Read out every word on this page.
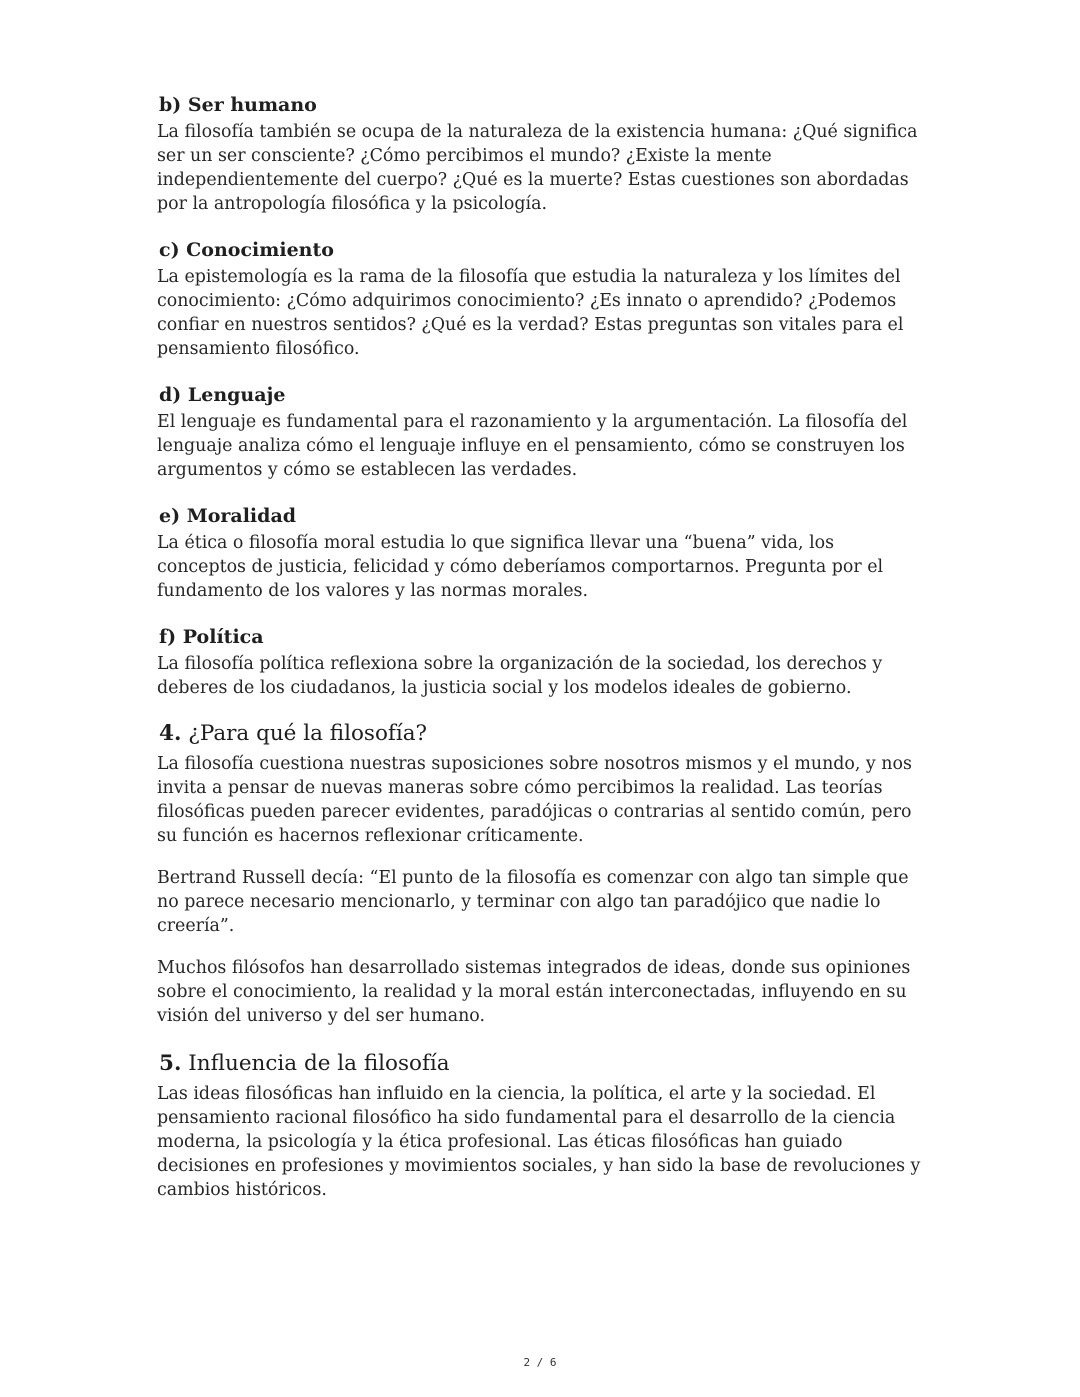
b) Ser humano

La filosofía también se ocupa de la naturaleza de la existencia humana: ¿Qué significa ser un ser consciente? ¿Cómo percibimos el mundo? ¿Existe la mente independientemente del cuerpo? ¿Qué es la muerte? Estas cuestiones son abordadas por la antropología filosófica y la psicología.

c) Conocimiento

La epistemología es la rama de la filosofía que estudia la naturaleza y los límites del conocimiento: ¿Cómo adquirimos conocimiento? ¿Es innato o aprendido? ¿Podemos confiar en nuestros sentidos? ¿Qué es la verdad? Estas preguntas son vitales para el pensamiento filosófico.

d) Lenguaje

El lenguaje es fundamental para el razonamiento y la argumentación. La filosofía del lenguaje analiza cómo el lenguaje influye en el pensamiento, cómo se construyen los argumentos y cómo se establecen las verdades.

e) Moralidad

La ética o filosofía moral estudia lo que significa llevar una “buena” vida, los conceptos de justicia, felicidad y cómo deberíamos comportarnos. Pregunta por el fundamento de los valores y las normas morales.

f) Política

La filosofía política reflexiona sobre la organización de la sociedad, los derechos y deberes de los ciudadanos, la justicia social y los modelos ideales de gobierno.

4. ¿Para qué la filosofía?

La filosofía cuestiona nuestras suposiciones sobre nosotros mismos y el mundo, y nos invita a pensar de nuevas maneras sobre cómo percibimos la realidad. Las teorías filosóficas pueden parecer evidentes, paradójicas o contrarias al sentido común, pero su función es hacernos reflexionar críticamente.

Bertrand Russell decía: “El punto de la filosofía es comenzar con algo tan simple que no parece necesario mencionarlo, y terminar con algo tan paradójico que nadie lo creería”.

Muchos filósofos han desarrollado sistemas integrados de ideas, donde sus opiniones sobre el conocimiento, la realidad y la moral están interconectadas, influyendo en su visión del universo y del ser humano.

5. Influencia de la filosofía

Las ideas filosóficas han influido en la ciencia, la política, el arte y la sociedad. El pensamiento racional filosófico ha sido fundamental para el desarrollo de la ciencia moderna, la psicología y la ética profesional. Las éticas filosóficas han guiado decisiones en profesiones y movimientos sociales, y han sido la base de revoluciones y cambios históricos.

2 / 6
